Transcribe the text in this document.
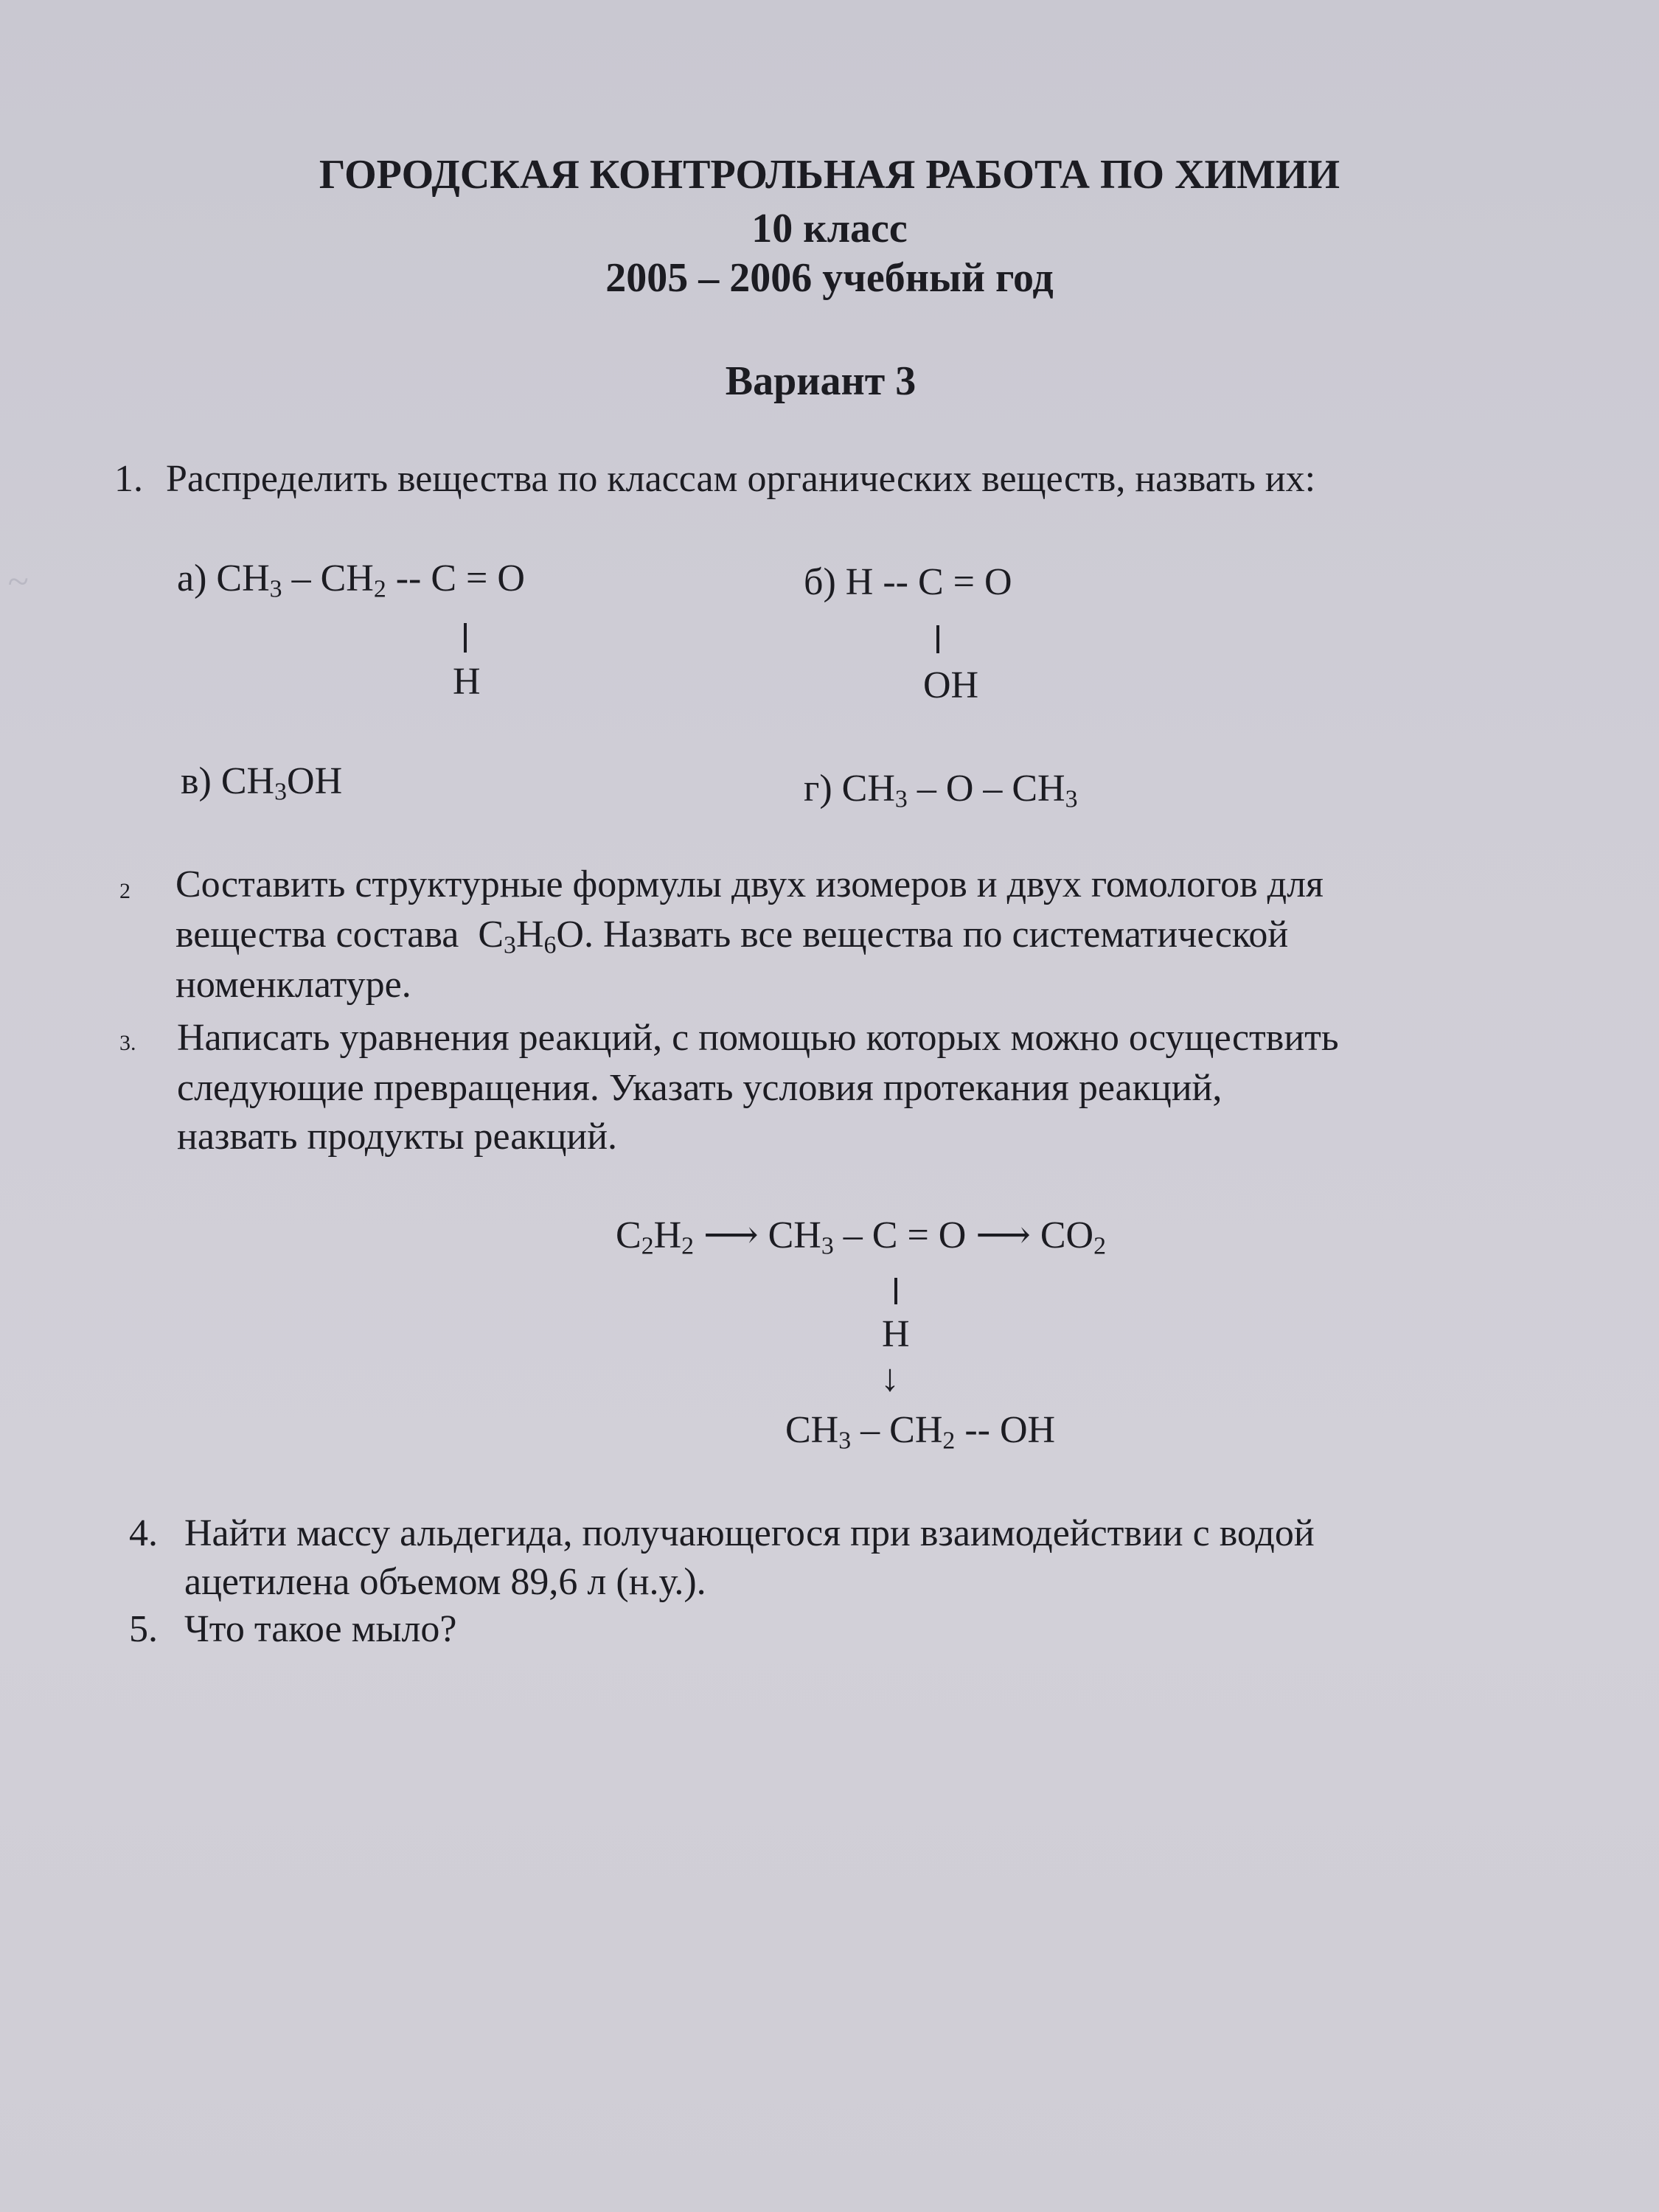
ГОРОДСКАЯ КОНТРОЛЬНАЯ РАБОТА ПО ХИМИИ
10 класс
2005 – 2006 учебный год
Вариант 3
1. Распределить вещества по классам органических веществ, назвать их:
~	а) $CH_3 - CH_2 -- C = O$
H
б) H -- C = O
OH
в) $CH_3OH$	г) $CH_3$ – O – $CH_3$
2 Составить структурные формулы двух изомеров и двух гомологов для
вещества состава $C_3H_6O$. Назвать все вещества по систематической
номенклатуре.
3. Написать уравнения реакций, с помощью которых можно осуществить
следующие превращения. Указать условия протекания реакций,
назвать продукты реакций.
$C_2H_2$ ⟶ $CH_3 - C = O$ ⟶ $CO_2$
H
↓
$CH_3 - CH_2$ -- OH
4. Найти массу альдегида, получающегося при взаимодействии с водой
ацетилена объемом 89,6 л (н.у.).
5. Что такое мыло?
